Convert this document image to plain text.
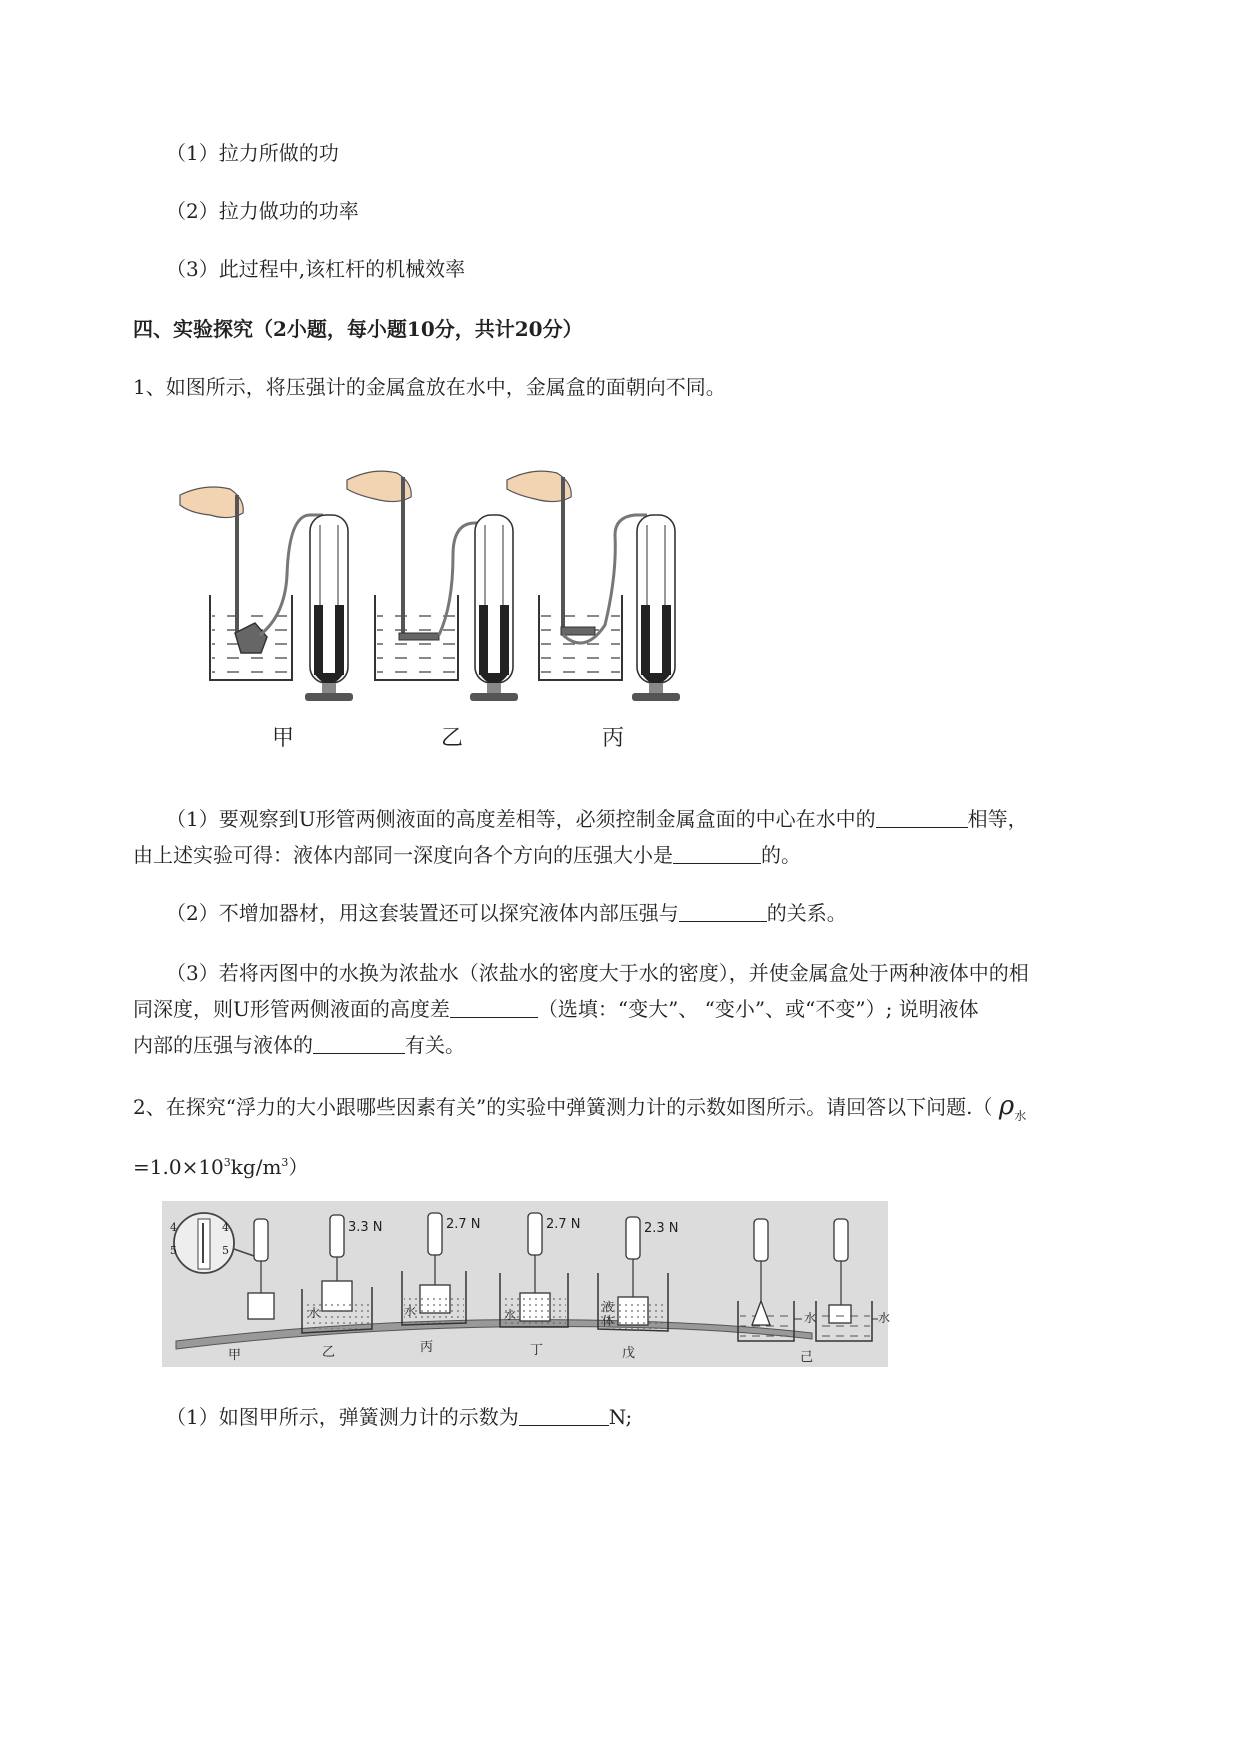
（1）拉力所做的功
（2）拉力做功的功率
（3）此过程中,该杠杆的机械效率
四、实验探究（2小题，每小题10分，共计20分）
1、如图所示，将压强计的金属盒放在水中，金属盒的面朝向不同。
甲	乙	丙
（1）要观察到U形管两侧液面的高度差相等，必须控制金属盒面的中心在水中的	相等，
由上述实验可得：液体内部同一深度向各个方向的压强大小是	的。
（2）不增加器材，用这套装置还可以探究液体内部压强与	的关系。
（3）若将丙图中的水换为浓盐水（浓盐水的密度大于水的密度），并使金属盒处于两种液体中的相
同深度，则U形管两侧液面的高度差	（选填：“变大”、 “变小”、或“不变”）; 说明液体
内部的压强与液体的	有关。
2、在探究“浮力的大小跟哪些因素有关”的实验中弹簧测力计的示数如图所示。请回答以下问题.（ $\rho_水$
$=1.0\times 10^3kg/m^3$）
4	4
5	5
3.3 N	2.7 N	2.7 N	2.3 N
水	水	水
液体	水	水
甲	乙	丙	丁	戊	己
（1）如图甲所示，弹簧测力计的示数为	N;
